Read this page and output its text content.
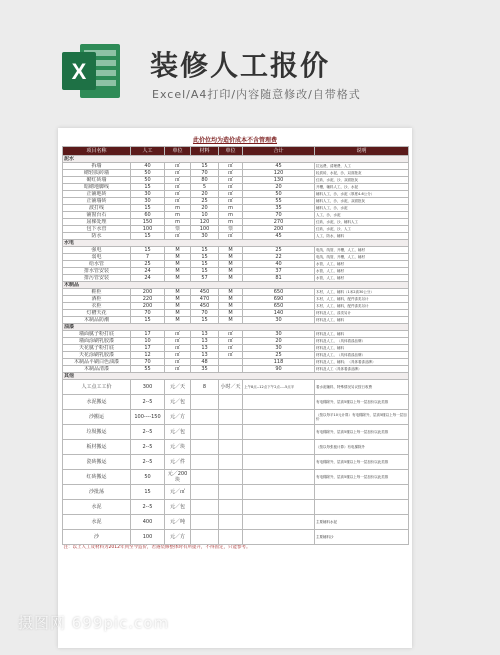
X 装修人工报价
Excel/A4打印/内容随意修改/自带格式
此价位均为造价成本不含管理费
项目名称	人工	单位	材料	单位	合计	说明
泥水						
拆墙	40	㎡	15	㎡	45	拉运费，清理费，人工
砌轻质砖墙	50	㎡	70	㎡	120	轻质砖，水泥，沙，双面批灰
砌红砖墙	50	㎡	80	㎡	130	红砖，水泥，沙，双面批灰
暗砌地脚线	15	㎡	5	㎡	20	开槽，辅料人工，沙，水泥
正铺地砖	30	㎡	20	㎡	50	辅料人工，沙，水泥（厚度4-6公分）
正铺墙砖	30	㎡	25	㎡	55	辅料人工，沙，水泥，双面批灰
波打线	15	m	20	m	35	辅料人工，沙，水泥
铺窗台石	60	m	10	m	70	人工，沙，水泥
屈梯处理	150	m	120	m	270	红砖，水泥，沙，辅料人工
包下水管	100	票	100	票	200	红砖，水泥，沙，人工
防水	15	㎡	30	㎡	45	人工，防水，辅料
水电						
强电	15	M	15	M	25	电线，线管，开槽，人工，辅材
弱电	7	M	15	M	22	电线，线管，开槽，人工，辅材
给水管	25	M	15	M	40	水管，人工，辅材
排水管安装	24	M	15	M	37	水管，人工，辅材
排污管安装	24	M	57	M	81	水管，人工，辅材
木制品						
鞋柜	200	M	450	M	650	木材，人工，辅料（1米2高30公分）
酒柜	220	M	470	M	690	木材，人工，辅料，配件漆类另计
衣柜	200	M	450	M	650	木材，人工，辅料，配件漆类另计
灯槽天花	70	M	70	M	140	材料及人工，漆类另计
木制品防潮	15	M	15	M	30	材料及人工，辅料
油漆						
墙面腻子粉打底	17	㎡	13	㎡	30	材料及人工，辅料
墙面涂刷乳胶漆	10	㎡	13	㎡	20	材料及人工，（具体看漆品牌）
天花腻子粉打底	17	㎡	13	㎡	30	材料及人工，辅料
天花涂刷乳胶漆	12	㎡	13	㎡	25	材料及人工，（具体看漆品牌）
木制品平刷白色油漆	70	㎡	48		118	材料及人工，辅料；（具体看漆品牌）
木制品清漆	55	㎡	35		90	材料及人工（具体看漆品牌）
其他						
人工点工工价	300	元／天	8	小时／天	上午8点--12点下午2点----5点半	看水泥辅料，特殊情况另议按日收费
水泥搬运	2--5	元／包				有电梯除外，层高5楼以上每一层加价以此类推
沙搬运	100----150	元／方				（按以每平10元计算）有电梯除外，层高5楼以上每一层加价
垃圾搬运	2--5	元／包				有电梯除外，层高5楼以上每一层加价以此类推
板材搬运	2--5	元／块				（按以每张板计算）有电梯除外
瓷砖搬运	2--5	元／件				有电梯除外，层高5楼以上每一层加价以此类推
红砖搬运	50	元／200块				有电梯除外，层高5楼以上每一层加价以此类推
沙批荡	15	元／㎡				
水泥	2--5	元／包				
水泥	400	元／吨				主要辅料水泥
沙	100	元／方				主要辅料沙
注：以上人工及材料为2012年到至今造价，若遇装修整体时有所提升，不得固定，只能参考。						
摄图网 699pic.com
